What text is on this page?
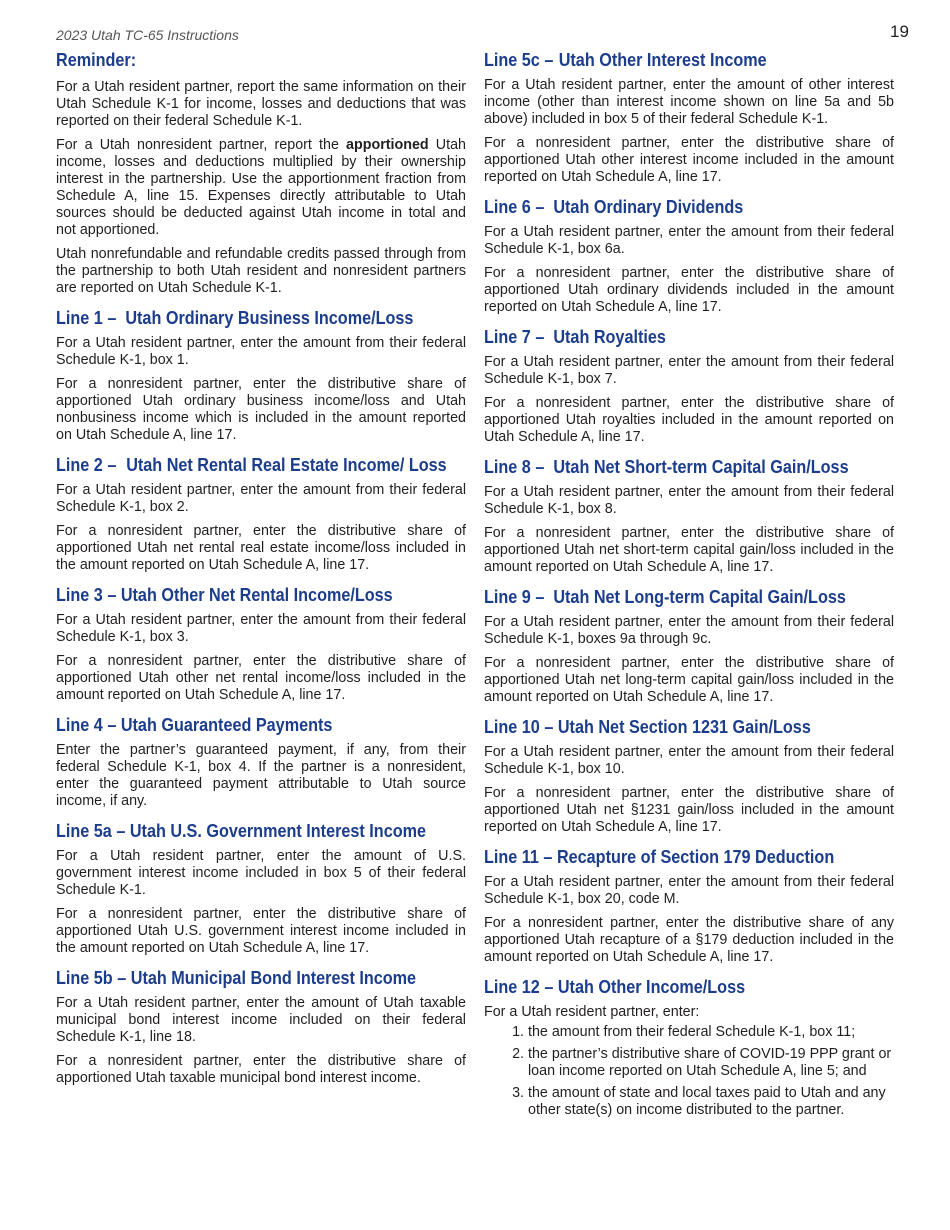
2023 Utah TC-65 Instructions	19
Reminder:

For a Utah resident partner, report the same information on their Utah Schedule K-1 for income, losses and deductions that was reported on their federal Schedule K-1.

For a Utah nonresident partner, report the apportioned Utah income, losses and deductions multiplied by their ownership interest in the partnership. Use the apportionment fraction from Schedule A, line 15. Expenses directly attributable to Utah sources should be deducted against Utah income in total and not apportioned.

Utah nonrefundable and refundable credits passed through from the partnership to both Utah resident and nonresident partners are reported on Utah Schedule K-1.

Line 1 – Utah Ordinary Business Income/Loss

For a Utah resident partner, enter the amount from their federal Schedule K-1, box 1.

For a nonresident partner, enter the distributive share of apportioned Utah ordinary business income/loss and Utah nonbusiness income which is included in the amount reported on Utah Schedule A, line 17.

Line 2 – Utah Net Rental Real Estate Income/ Loss

For a Utah resident partner, enter the amount from their federal Schedule K-1, box 2.

For a nonresident partner, enter the distributive share of apportioned Utah net rental real estate income/loss included in the amount reported on Utah Schedule A, line 17.

Line 3 – Utah Other Net Rental Income/Loss

For a Utah resident partner, enter the amount from their federal Schedule K-1, box 3.

For a nonresident partner, enter the distributive share of apportioned Utah other net rental income/loss included in the amount reported on Utah Schedule A, line 17.

Line 4 – Utah Guaranteed Payments

Enter the partner’s guaranteed payment, if any, from their federal Schedule K-1, box 4. If the partner is a nonresident, enter the guaranteed payment attributable to Utah source income, if any.

Line 5a – Utah U.S. Government Interest Income

For a Utah resident partner, enter the amount of U.S. government interest income included in box 5 of their federal Schedule K-1.

For a nonresident partner, enter the distributive share of apportioned Utah U.S. government interest income included in the amount reported on Utah Schedule A, line 17.

Line 5b – Utah Municipal Bond Interest Income

For a Utah resident partner, enter the amount of Utah taxable municipal bond interest income included on their federal Schedule K-1, line 18.

For a nonresident partner, enter the distributive share of apportioned Utah taxable municipal bond interest income.

Line 5c – Utah Other Interest Income

For a Utah resident partner, enter the amount of other interest income (other than interest income shown on line 5a and 5b above) included in box 5 of their federal Schedule K-1.

For a nonresident partner, enter the distributive share of apportioned Utah other interest income included in the amount reported on Utah Schedule A, line 17.

Line 6 – Utah Ordinary Dividends

For a Utah resident partner, enter the amount from their federal Schedule K-1, box 6a.

For a nonresident partner, enter the distributive share of apportioned Utah ordinary dividends included in the amount reported on Utah Schedule A, line 17.

Line 7 – Utah Royalties

For a Utah resident partner, enter the amount from their federal Schedule K-1, box 7.

For a nonresident partner, enter the distributive share of apportioned Utah royalties included in the amount reported on Utah Schedule A, line 17.

Line 8 – Utah Net Short-term Capital Gain/Loss

For a Utah resident partner, enter the amount from their federal Schedule K-1, box 8.

For a nonresident partner, enter the distributive share of apportioned Utah net short-term capital gain/loss included in the amount reported on Utah Schedule A, line 17.

Line 9 – Utah Net Long-term Capital Gain/Loss

For a Utah resident partner, enter the amount from their federal Schedule K-1, boxes 9a through 9c.

For a nonresident partner, enter the distributive share of apportioned Utah net long-term capital gain/loss included in the amount reported on Utah Schedule A, line 17.

Line 10 – Utah Net Section 1231 Gain/Loss

For a Utah resident partner, enter the amount from their federal Schedule K-1, box 10.

For a nonresident partner, enter the distributive share of apportioned Utah net §1231 gain/loss included in the amount reported on Utah Schedule A, line 17.

Line 11 – Recapture of Section 179 Deduction

For a Utah resident partner, enter the amount from their federal Schedule K-1, box 20, code M.

For a nonresident partner, enter the distributive share of any apportioned Utah recapture of a §179 deduction included in the amount reported on Utah Schedule A, line 17.

Line 12 – Utah Other Income/Loss

For a Utah resident partner, enter:

1. the amount from their federal Schedule K-1, box 11;
2. the partner’s distributive share of COVID-19 PPP grant or loan income reported on Utah Schedule A, line 5; and
3. the amount of state and local taxes paid to Utah and any other state(s) on income distributed to the partner.
